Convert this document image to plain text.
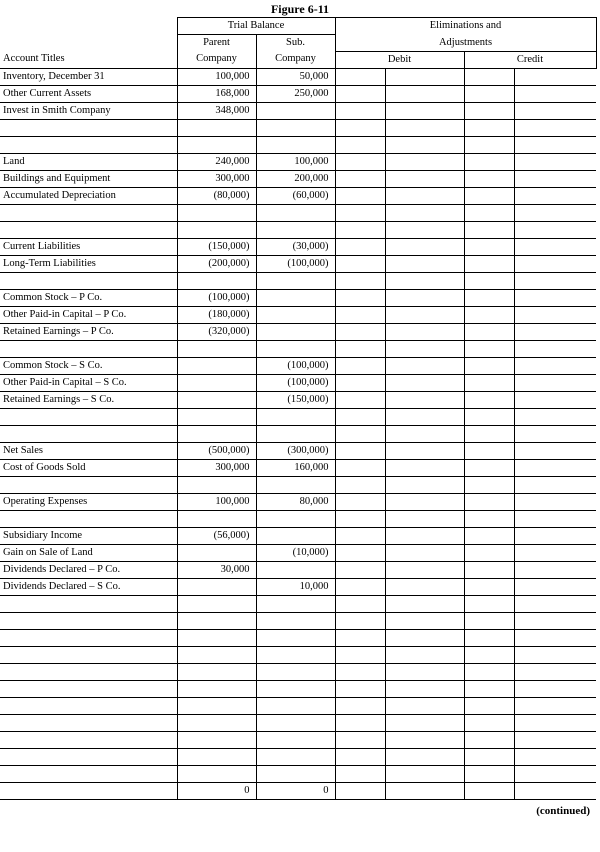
Figure 6-11
	Trial Balance		Eliminations and			
	Parent	Sub.	Adjustments			
Account Titles	Company	Company	Debit		Credit	
Inventory, December 31	100,000	50,000				
Other Current Assets	168,000	250,000				
Invest in Smith Company	348,000					

Land	240,000	100,000				
Buildings and Equipment	300,000	200,000				
Accumulated Depreciation	(80,000)	(60,000)				

Current Liabilities	(150,000)	(30,000)				
Long-Term Liabilities	(200,000)	(100,000)				

Common Stock – P Co.	(100,000)					
Other Paid-in Capital – P Co.	(180,000)					
Retained Earnings – P Co.	(320,000)					

Common Stock – S Co.		(100,000)				
Other Paid-in Capital – S Co.		(100,000)				
Retained Earnings – S Co.		(150,000)				

Net Sales	(500,000)	(300,000)				
Cost of Goods Sold	300,000	160,000				

Operating Expenses	100,000	80,000				

Subsidiary Income	(56,000)					
Gain on Sale of Land		(10,000)				
Dividends Declared – P Co.	30,000					
Dividends Declared – S Co.		10,000				

	0	0				
(continued)
